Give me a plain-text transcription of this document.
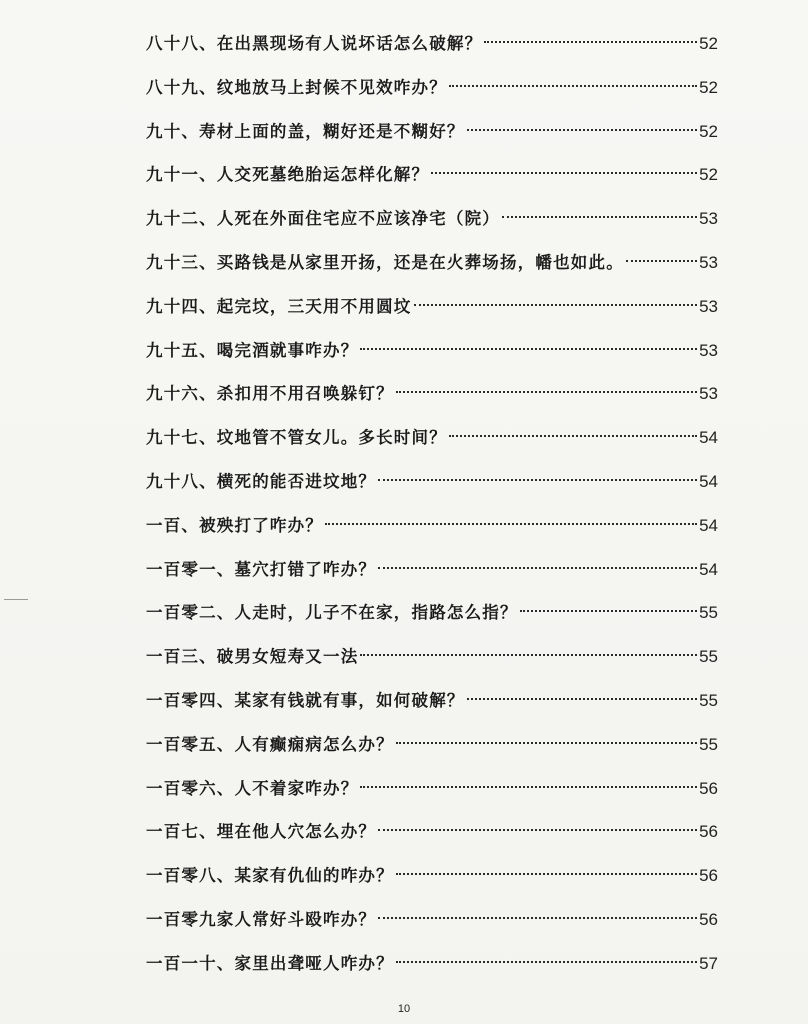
八十八、在出黑现场有人说坏话怎么破解？	52
八十九、纹地放马上封候不见效咋办？	52
九十、寿材上面的盖，糊好还是不糊好？	52
九十一、人交死墓绝胎运怎样化解？	52
九十二、人死在外面住宅应不应该净宅（院）	53
九十三、买路钱是从家里开扬，还是在火葬场扬，幡也如此。	53
九十四、起完坟，三天用不用圆坟	53
九十五、喝完酒就事咋办？	53
九十六、杀扣用不用召唤躲钉？	53
九十七、坟地管不管女儿。多长时间？	54
九十八、横死的能否进坟地？	54
一百、被殃打了咋办？	54
一百零一、墓穴打错了咋办？	54
一百零二、人走时，儿子不在家，指路怎么指？	55
一百三、破男女短寿又一法	55
一百零四、某家有钱就有事，如何破解？	55
一百零五、人有癫痫病怎么办？	55
一百零六、人不着家咋办？	56
一百七、埋在他人穴怎么办？	56
一百零八、某家有仇仙的咋办？	56
一百零九家人常好斗殴咋办？	56
一百一十、家里出聋哑人咋办？	57
10
